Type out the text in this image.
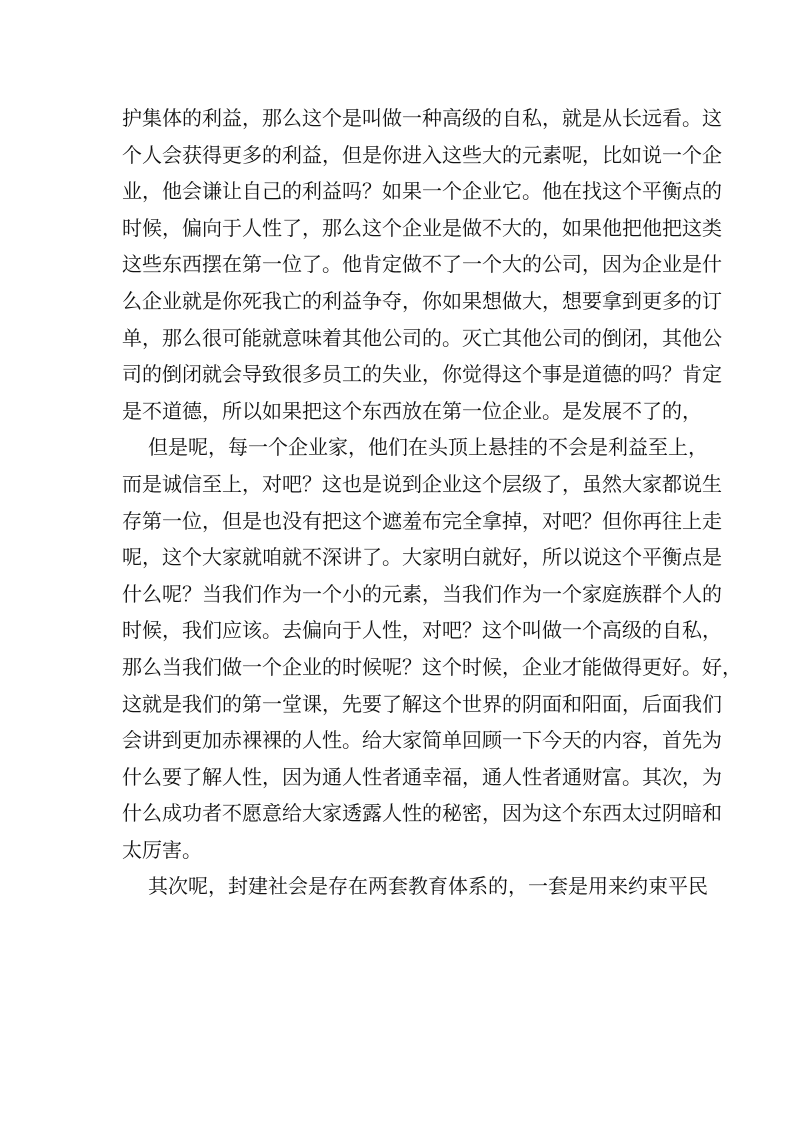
护集体的利益，那么这个是叫做一种高级的自私，就是从长远看。这
个人会获得更多的利益，但是你进入这些大的元素呢，比如说一个企
业，他会谦让自己的利益吗？如果一个企业它。他在找这个平衡点的
时候，偏向于人性了，那么这个企业是做不大的，如果他把他把这类
这些东西摆在第一位了。他肯定做不了一个大的公司，因为企业是什
么企业就是你死我亡的利益争夺，你如果想做大，想要拿到更多的订
单，那么很可能就意味着其他公司的。灭亡其他公司的倒闭，其他公
司的倒闭就会导致很多员工的失业，你觉得这个事是道德的吗？肯定
是不道德，所以如果把这个东西放在第一位企业。是发展不了的，
但是呢，每一个企业家，他们在头顶上悬挂的不会是利益至上，
而是诚信至上，对吧？这也是说到企业这个层级了，虽然大家都说生
存第一位，但是也没有把这个遮羞布完全拿掉，对吧？但你再往上走
呢，这个大家就咱就不深讲了。大家明白就好，所以说这个平衡点是
什么呢？当我们作为一个小的元素，当我们作为一个家庭族群个人的
时候，我们应该。去偏向于人性，对吧？这个叫做一个高级的自私，
那么当我们做一个企业的时候呢？这个时候，企业才能做得更好。好，
这就是我们的第一堂课，先要了解这个世界的阴面和阳面，后面我们
会讲到更加赤裸裸的人性。给大家简单回顾一下今天的内容，首先为
什么要了解人性，因为通人性者通幸福，通人性者通财富。其次，为
什么成功者不愿意给大家透露人性的秘密，因为这个东西太过阴暗和
太厉害。
其次呢，封建社会是存在两套教育体系的，一套是用来约束平民
